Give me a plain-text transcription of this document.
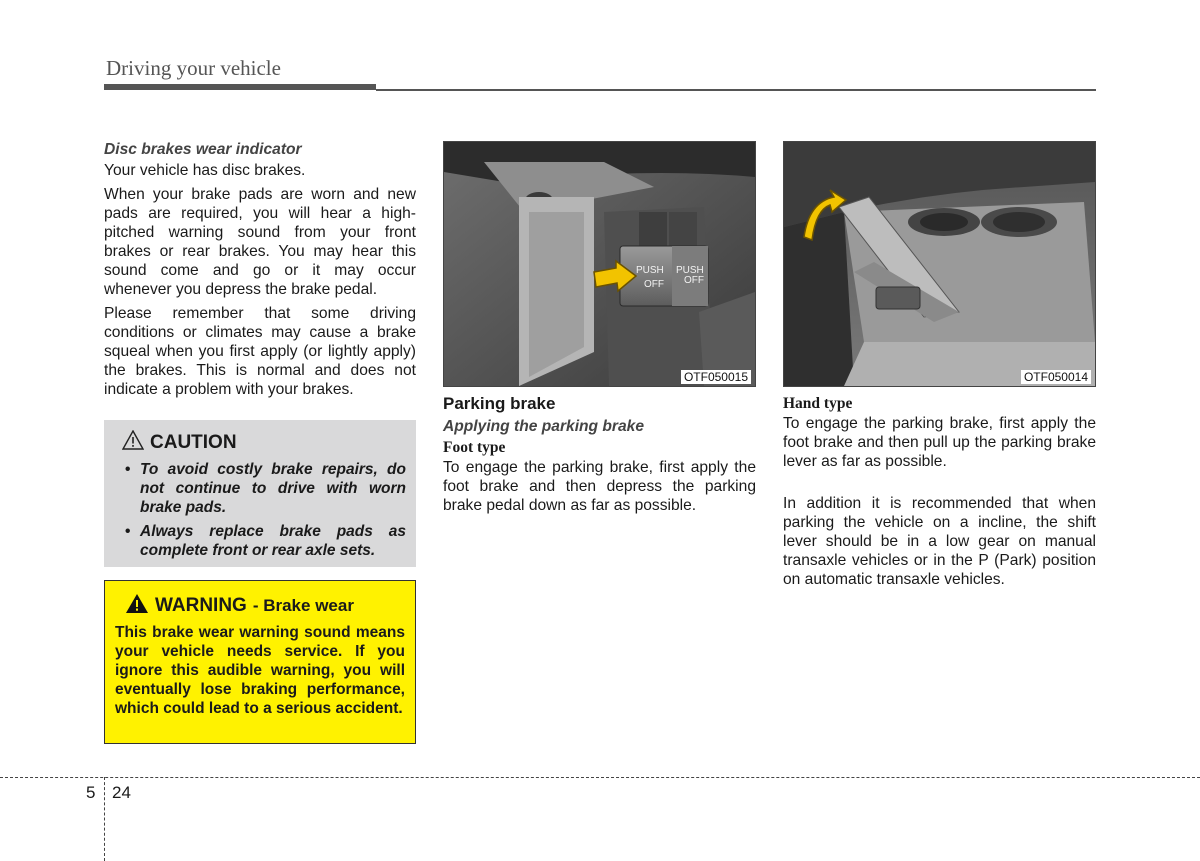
Driving your vehicle
Disc brakes wear indicator

Your vehicle has disc brakes.

When your brake pads are worn and new pads are required, you will hear a high-pitched warning sound from your front brakes or rear brakes. You may hear this sound come and go or it may occur whenever you depress the brake pedal.

Please remember that some driving conditions or climates may cause a brake squeal when you first apply (or lightly apply) the brakes. This is normal and does not indicate a problem with your brakes.

CAUTION
• To avoid costly brake repairs, do not continue to drive with worn brake pads.
• Always replace brake pads as complete front or rear axle sets.
WARNING - Brake wear
This brake wear warning sound means your vehicle needs service. If you ignore this audible warning, you will eventually lose braking performance, which could lead to a serious accident.
PUSH
OFF
PUSH
OFF
OTF050015	OTF050014
Parking brake
Applying the parking brake
Foot type

To engage the parking brake, first apply the foot brake and then depress the parking brake pedal down as far as possible.

Hand type

To engage the parking brake, first apply the foot brake and then pull up the parking brake lever as far as possible.

In addition it is recommended that when parking the vehicle on a incline, the shift lever should be in a low gear on manual transaxle vehicles or in the P (Park) position on automatic transaxle vehicles.

5 24
